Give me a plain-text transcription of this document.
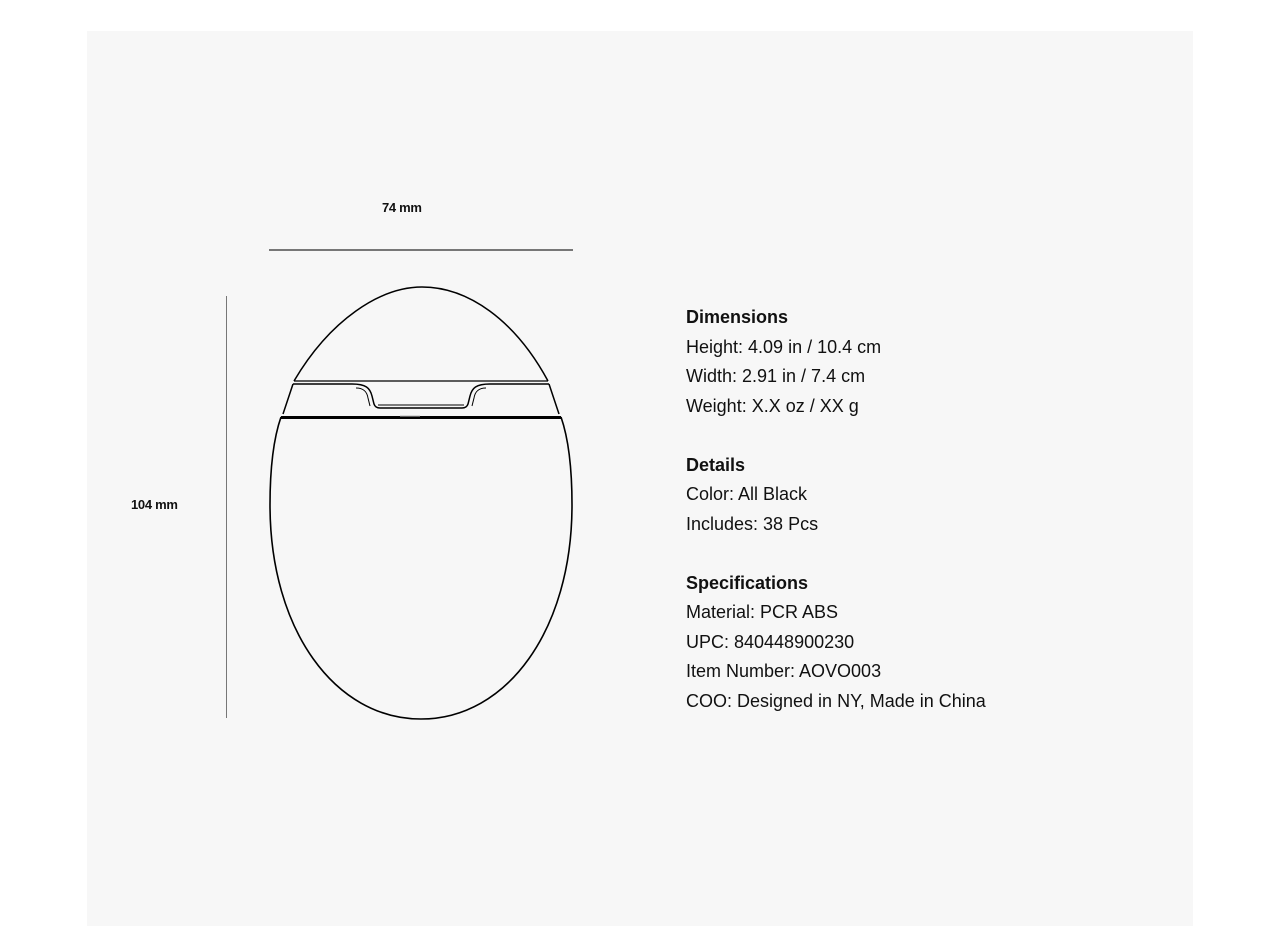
74 mm
104 mm
Dimensions
Height: 4.09 in / 10.4 cm
Width: 2.91 in / 7.4 cm
Weight: X.X oz / XX g
Details
Color: All Black
Includes: 38 Pcs
Specifications
Material: PCR ABS
UPC: 840448900230
Item Number: AOVO003
COO: Designed in NY, Made in China
